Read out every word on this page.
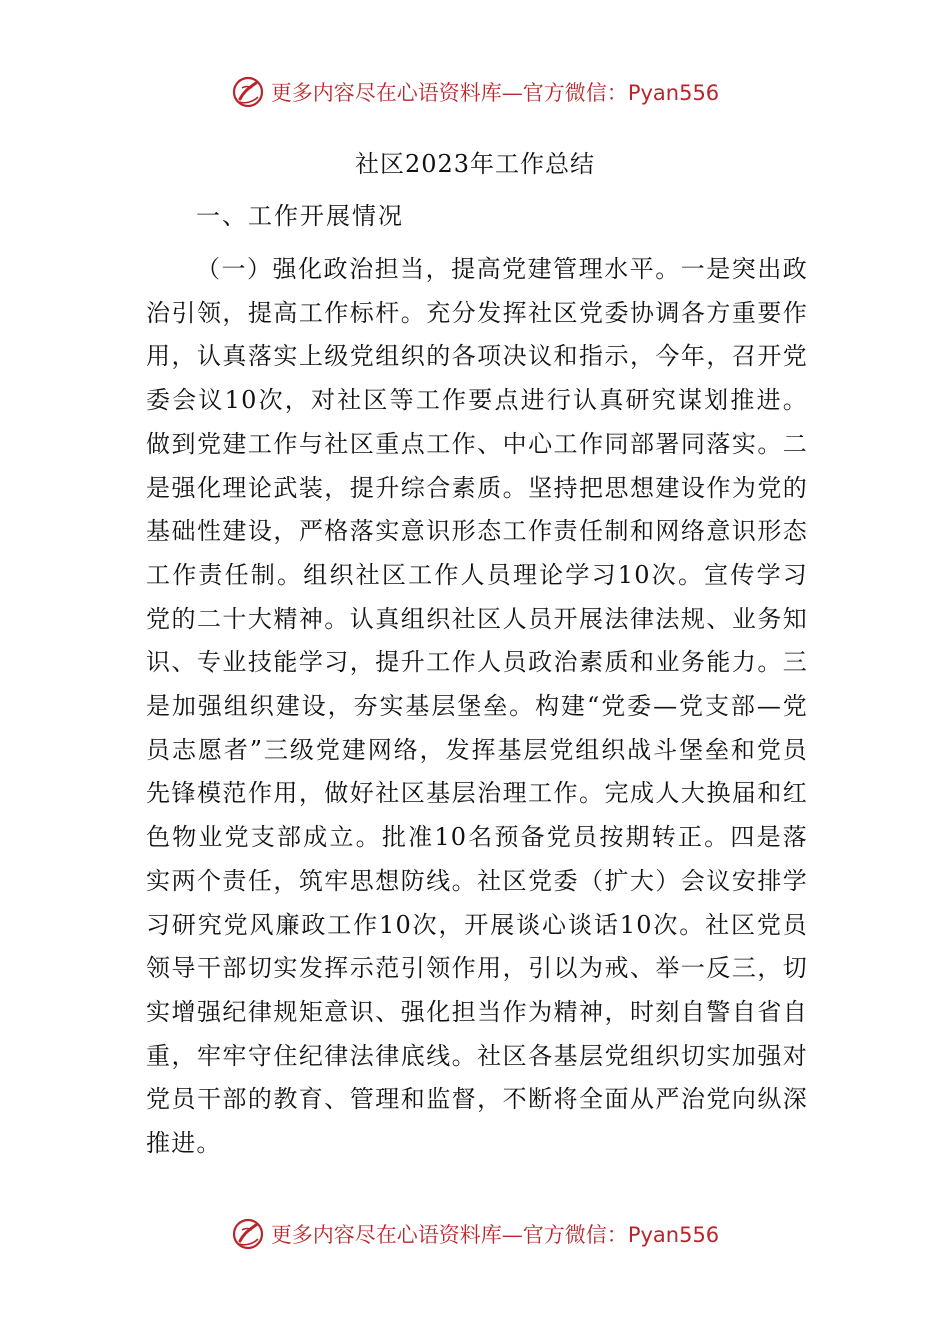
更多内容尽在心语资料库—官方微信：Pyan556
社区2023年工作总结
一、工作开展情况

（一）强化政治担当，提高党建管理水平。一是突出政治引领，提高工作标杆。充分发挥社区党委协调各方重要作用，认真落实上级党组织的各项决议和指示，今年，召开党委会议10次，对社区等工作要点进行认真研究谋划推进。做到党建工作与社区重点工作、中心工作同部署同落实。二是强化理论武装，提升综合素质。坚持把思想建设作为党的基础性建设，严格落实意识形态工作责任制和网络意识形态工作责任制。组织社区工作人员理论学习10次。宣传学习党的二十大精神。认真组织社区人员开展法律法规、业务知识、专业技能学习，提升工作人员政治素质和业务能力。三是加强组织建设，夯实基层堡垒。构建“党委—党支部—党员志愿者”三级党建网络，发挥基层党组织战斗堡垒和党员先锋模范作用，做好社区基层治理工作。完成人大换届和红色物业党支部成立。批准10名预备党员按期转正。四是落实两个责任，筑牢思想防线。社区党委（扩大）会议安排学习研究党风廉政工作10次，开展谈心谈话10次。社区党员领导干部切实发挥示范引领作用，引以为戒、举一反三，切实增强纪律规矩意识、强化担当作为精神，时刻自警自省自重，牢牢守住纪律法律底线。社区各基层党组织切实加强对党员干部的教育、管理和监督，不断将全面从严治党向纵深推进。

更多内容尽在心语资料库—官方微信：Pyan556
